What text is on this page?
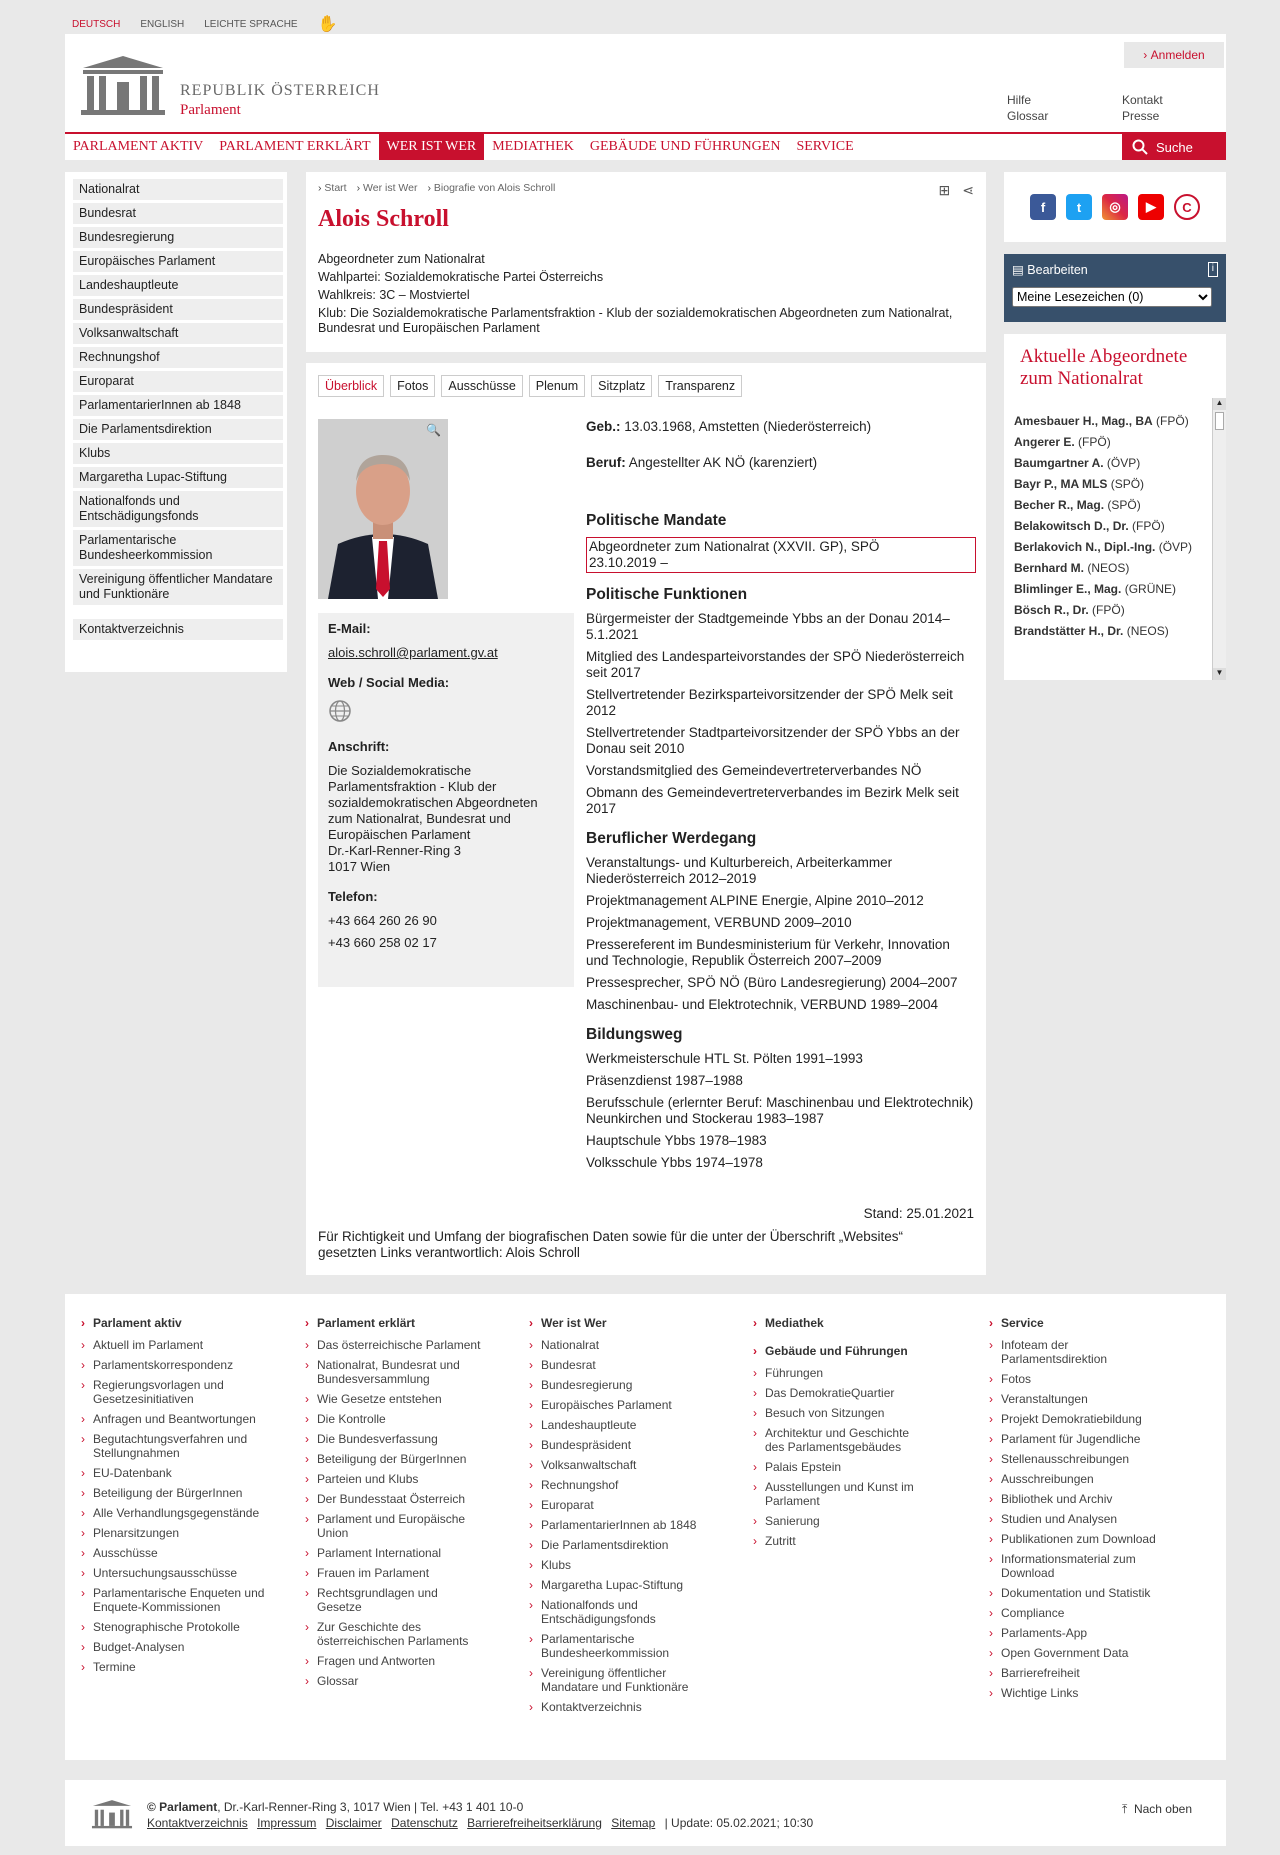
DEUTSCH ENGLISH LEICHTE SPRACHE ✋
REPUBLIK ÖSTERREICH
Parlament
› Anmelden
Hilfe
Glossar
Kontakt
Presse
PARLAMENT AKTIV	PARLAMENT ERKLÄRT	WER IST WER	MEDIATHEK	GEBÄUDE UND FÜHRUNGEN	SERVICE	Suche
Nationalrat
Bundesrat
Bundesregierung
Europäisches Parlament
Landeshauptleute
Bundespräsident
Volksanwaltschaft
Rechnungshof
Europarat
ParlamentarierInnen ab 1848
Die Parlamentsdirektion
Klubs
Margaretha Lupac-Stiftung
Nationalfonds und Entschädigungsfonds
Parlamentarische Bundesheerkommission
Vereinigung öffentlicher Mandatare und Funktionäre
Kontaktverzeichnis
› Start	› Wer ist Wer	› Biografie von Alois Schroll	⊞ ⋖
Alois Schroll
Abgeordneter zum Nationalrat
Wahlpartei: Sozialdemokratische Partei Österreichs
Wahlkreis: 3C – Mostviertel
Klub: Die Sozialdemokratische Parlamentsfraktion - Klub der sozialdemokratischen Abgeordneten zum Nationalrat, Bundesrat und Europäischen Parlament
Überblick	Fotos	Ausschüsse	Plenum	Sitzplatz	Transparenz
🔍
E-Mail:
alois.schroll@parlament.gv.at
Web / Social Media:
Anschrift:
Die Sozialdemokratische Parlamentsfraktion - Klub der sozialdemokratischen Abgeordneten zum Nationalrat, Bundesrat und Europäischen Parlament
Dr.-Karl-Renner-Ring 3
1017 Wien
Telefon:
+43 664 260 26 90
+43 660 258 02 17

Geb.: 13.03.1968, Amstetten (Niederösterreich)

Beruf: Angestellter AK NÖ (karenziert)

Politische Mandate
Abgeordneter zum Nationalrat (XXVII. GP), SPÖ
23.10.2019 –
Politische Funktionen

Bürgermeister der Stadtgemeinde Ybbs an der Donau 2014–5.1.2021

Mitglied des Landesparteivorstandes der SPÖ Niederösterreich seit 2017

Stellvertretender Bezirksparteivorsitzender der SPÖ Melk seit 2012

Stellvertretender Stadtparteivorsitzender der SPÖ Ybbs an der Donau seit 2010

Vorstandsmitglied des Gemeindevertreterverbandes NÖ

Obmann des Gemeindevertreterverbandes im Bezirk Melk seit 2017

Beruflicher Werdegang

Veranstaltungs- und Kulturbereich, Arbeiterkammer Niederösterreich 2012–2019

Projektmanagement ALPINE Energie, Alpine 2010–2012

Projektmanagement, VERBUND 2009–2010

Pressereferent im Bundesministerium für Verkehr, Innovation und Technologie, Republik Österreich 2007–2009

Pressesprecher, SPÖ NÖ (Büro Landesregierung) 2004–2007

Maschinenbau- und Elektrotechnik, VERBUND 1989–2004

Bildungsweg

Werkmeisterschule HTL St. Pölten 1991–1993

Präsenzdienst 1987–1988

Berufsschule (erlernter Beruf: Maschinenbau und Elektrotechnik) Neunkirchen und Stockerau 1983–1987

Hauptschule Ybbs 1978–1983

Volksschule Ybbs 1974–1978

Stand: 25.01.2021
Für Richtigkeit und Umfang der biografischen Daten sowie für die unter der Überschrift „Websites“ gesetzten Links verantwortlich: Alois Schroll
f	t	◎	▶	C
▤ Bearbeiten	i
Meine Lesezeichen (0)
Aktuelle Abgeordnete zum Nationalrat
Amesbauer H., Mag., BA (FPÖ)
Angerer E. (FPÖ)
Baumgartner A. (ÖVP)
Bayr P., MA MLS (SPÖ)
Becher R., Mag. (SPÖ)
Belakowitsch D., Dr. (FPÖ)
Berlakovich N., Dipl.-Ing. (ÖVP)
Bernhard M. (NEOS)
Blimlinger E., Mag. (GRÜNE)
Bösch R., Dr. (FPÖ)
Brandstätter H., Dr. (NEOS)
▲
▼
› Parlament aktiv
› Aktuell im Parlament
› Parlamentskorrespondenz
› Regierungsvorlagen und Gesetzesinitiativen
› Anfragen und Beantwortungen
› Begutachtungsverfahren und Stellungnahmen
› EU-Datenbank
› Beteiligung der BürgerInnen
› Alle Verhandlungsgegenstände
› Plenarsitzungen
› Ausschüsse
› Untersuchungsausschüsse
› Parlamentarische Enqueten und Enquete-Kommissionen
› Stenographische Protokolle
› Budget-Analysen
› Termine
› Parlament erklärt
› Das österreichische Parlament
› Nationalrat, Bundesrat und Bundesversammlung
› Wie Gesetze entstehen
› Die Kontrolle
› Die Bundesverfassung
› Beteiligung der BürgerInnen
› Parteien und Klubs
› Der Bundesstaat Österreich
› Parlament und Europäische Union
› Parlament International
› Frauen im Parlament
› Rechtsgrundlagen und Gesetze
› Zur Geschichte des österreichischen Parlaments
› Fragen und Antworten
› Glossar
› Wer ist Wer
› Nationalrat
› Bundesrat
› Bundesregierung
› Europäisches Parlament
› Landeshauptleute
› Bundespräsident
› Volksanwaltschaft
› Rechnungshof
› Europarat
› ParlamentarierInnen ab 1848
› Die Parlamentsdirektion
› Klubs
› Margaretha Lupac-Stiftung
› Nationalfonds und Entschädigungsfonds
› Parlamentarische Bundesheerkommission
› Vereinigung öffentlicher Mandatare und Funktionäre
› Kontaktverzeichnis
› Mediathek
› Gebäude und Führungen
› Führungen
› Das DemokratieQuartier
› Besuch von Sitzungen
› Architektur und Geschichte des Parlamentsgebäudes
› Palais Epstein
› Ausstellungen und Kunst im Parlament
› Sanierung
› Zutritt
› Service
› Infoteam der Parlamentsdirektion
› Fotos
› Veranstaltungen
› Projekt Demokratiebildung
› Parlament für Jugendliche
› Stellenausschreibungen
› Ausschreibungen
› Bibliothek und Archiv
› Studien und Analysen
› Publikationen zum Download
› Informationsmaterial zum Download
› Dokumentation und Statistik
› Compliance
› Parlaments-App
› Open Government Data
› Barrierefreiheit
› Wichtige Links
© Parlament, Dr.-Karl-Renner-Ring 3, 1017 Wien | Tel. +43 1 401 10-0
Kontaktverzeichnis Impressum Disclaimer Datenschutz Barrierefreiheitserklärung Sitemap | Update: 05.02.2021; 10:30
⤒  Nach oben
